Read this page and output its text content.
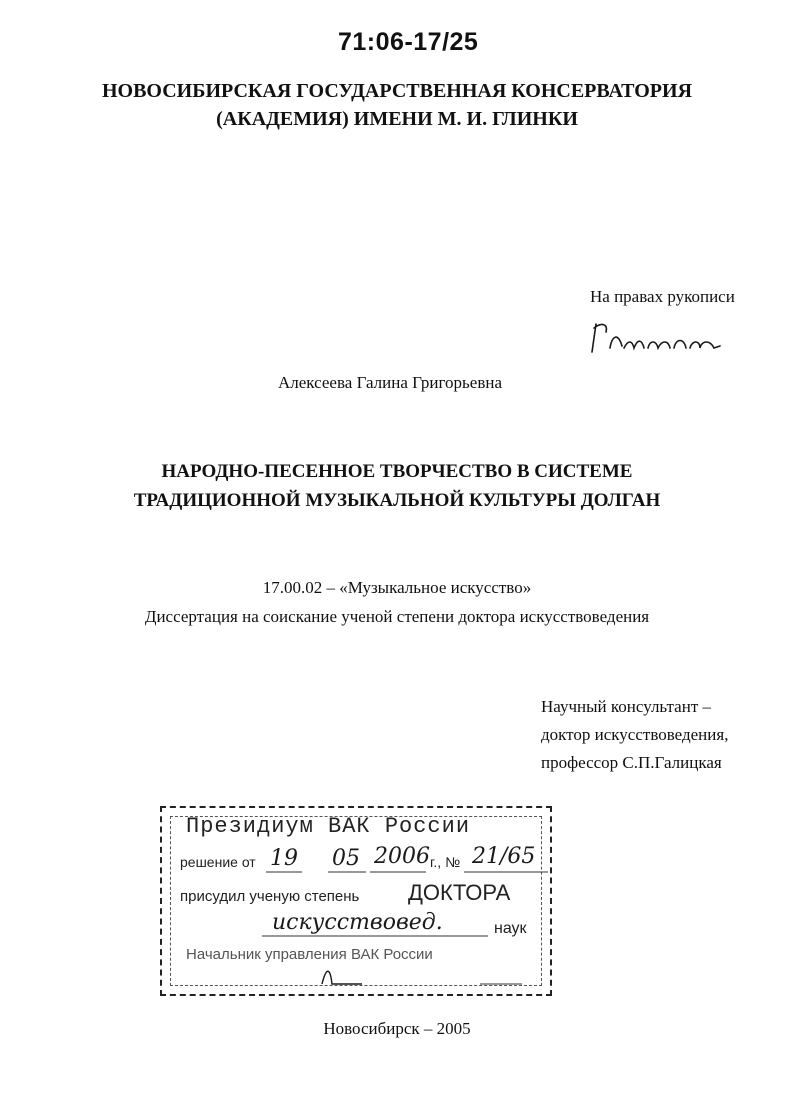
71:06-17/25
НОВОСИБИРСКАЯ ГОСУДАРСТВЕННАЯ КОНСЕРВАТОРИЯ
(АКАДЕМИЯ) ИМЕНИ М. И. ГЛИНКИ
На правах рукописи
Алексеева Галина Григорьевна
НАРОДНО-ПЕСЕННОЕ ТВОРЧЕСТВО В СИСТЕМЕ
ТРАДИЦИОННОЙ МУЗЫКАЛЬНОЙ КУЛЬТУРЫ ДОЛГАН
17.00.02 – «Музыкальное искусство»
Диссертация на соискание ученой степени доктора искусствоведения
Научный консультант –
доктор искусствоведения,
профессор С.П.Галицкая
Президиум ВАК России
решение от 19 05 2006 г., № 21/65
присудил ученую степень ДОКТОРА
искусствовед.	наук
Начальник управления ВАК России
Новосибирск – 2005
